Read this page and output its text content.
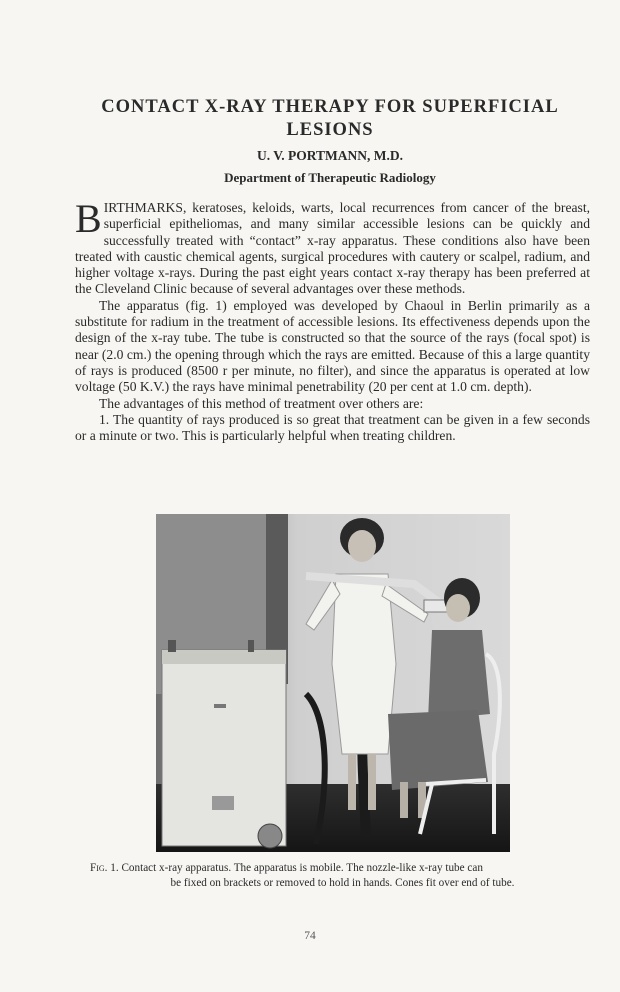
CONTACT X-RAY THERAPY FOR SUPERFICIAL
LESIONS

U. V. PORTMANN, M.D.

Department of Therapeutic Radiology

BIRTHMARKS, keratoses, keloids, warts, local recurrences from cancer of the breast, superficial epitheliomas, and many similar accessible lesions can be quickly and successfully treated with “contact” x-ray apparatus. These conditions also have been treated with caustic chemical agents, surgical procedures with cautery or scalpel, radium, and higher voltage x-rays. During the past eight years contact x-ray therapy has been preferred at the Cleveland Clinic because of several advantages over these methods.

The apparatus (fig. 1) employed was developed by Chaoul in Berlin primarily as a substitute for radium in the treatment of accessible lesions. Its effectiveness depends upon the design of the x-ray tube. The tube is constructed so that the source of the rays (focal spot) is near (2.0 cm.) the opening through which the rays are emitted. Because of this a large quantity of rays is produced (8500 r per minute, no filter), and since the apparatus is operated at low voltage (50 K.V.) the rays have minimal penetrability (20 per cent at 1.0 cm. depth).

The advantages of this method of treatment over others are:

1. The quantity of rays produced is so great that treatment can be given in a few seconds or a minute or two. This is particularly helpful when treating children.

Fig. 1. Contact x-ray apparatus. The apparatus is mobile. The nozzle-like x-ray tube can
be fixed on brackets or removed to hold in hands. Cones fit over end of tube.

74
